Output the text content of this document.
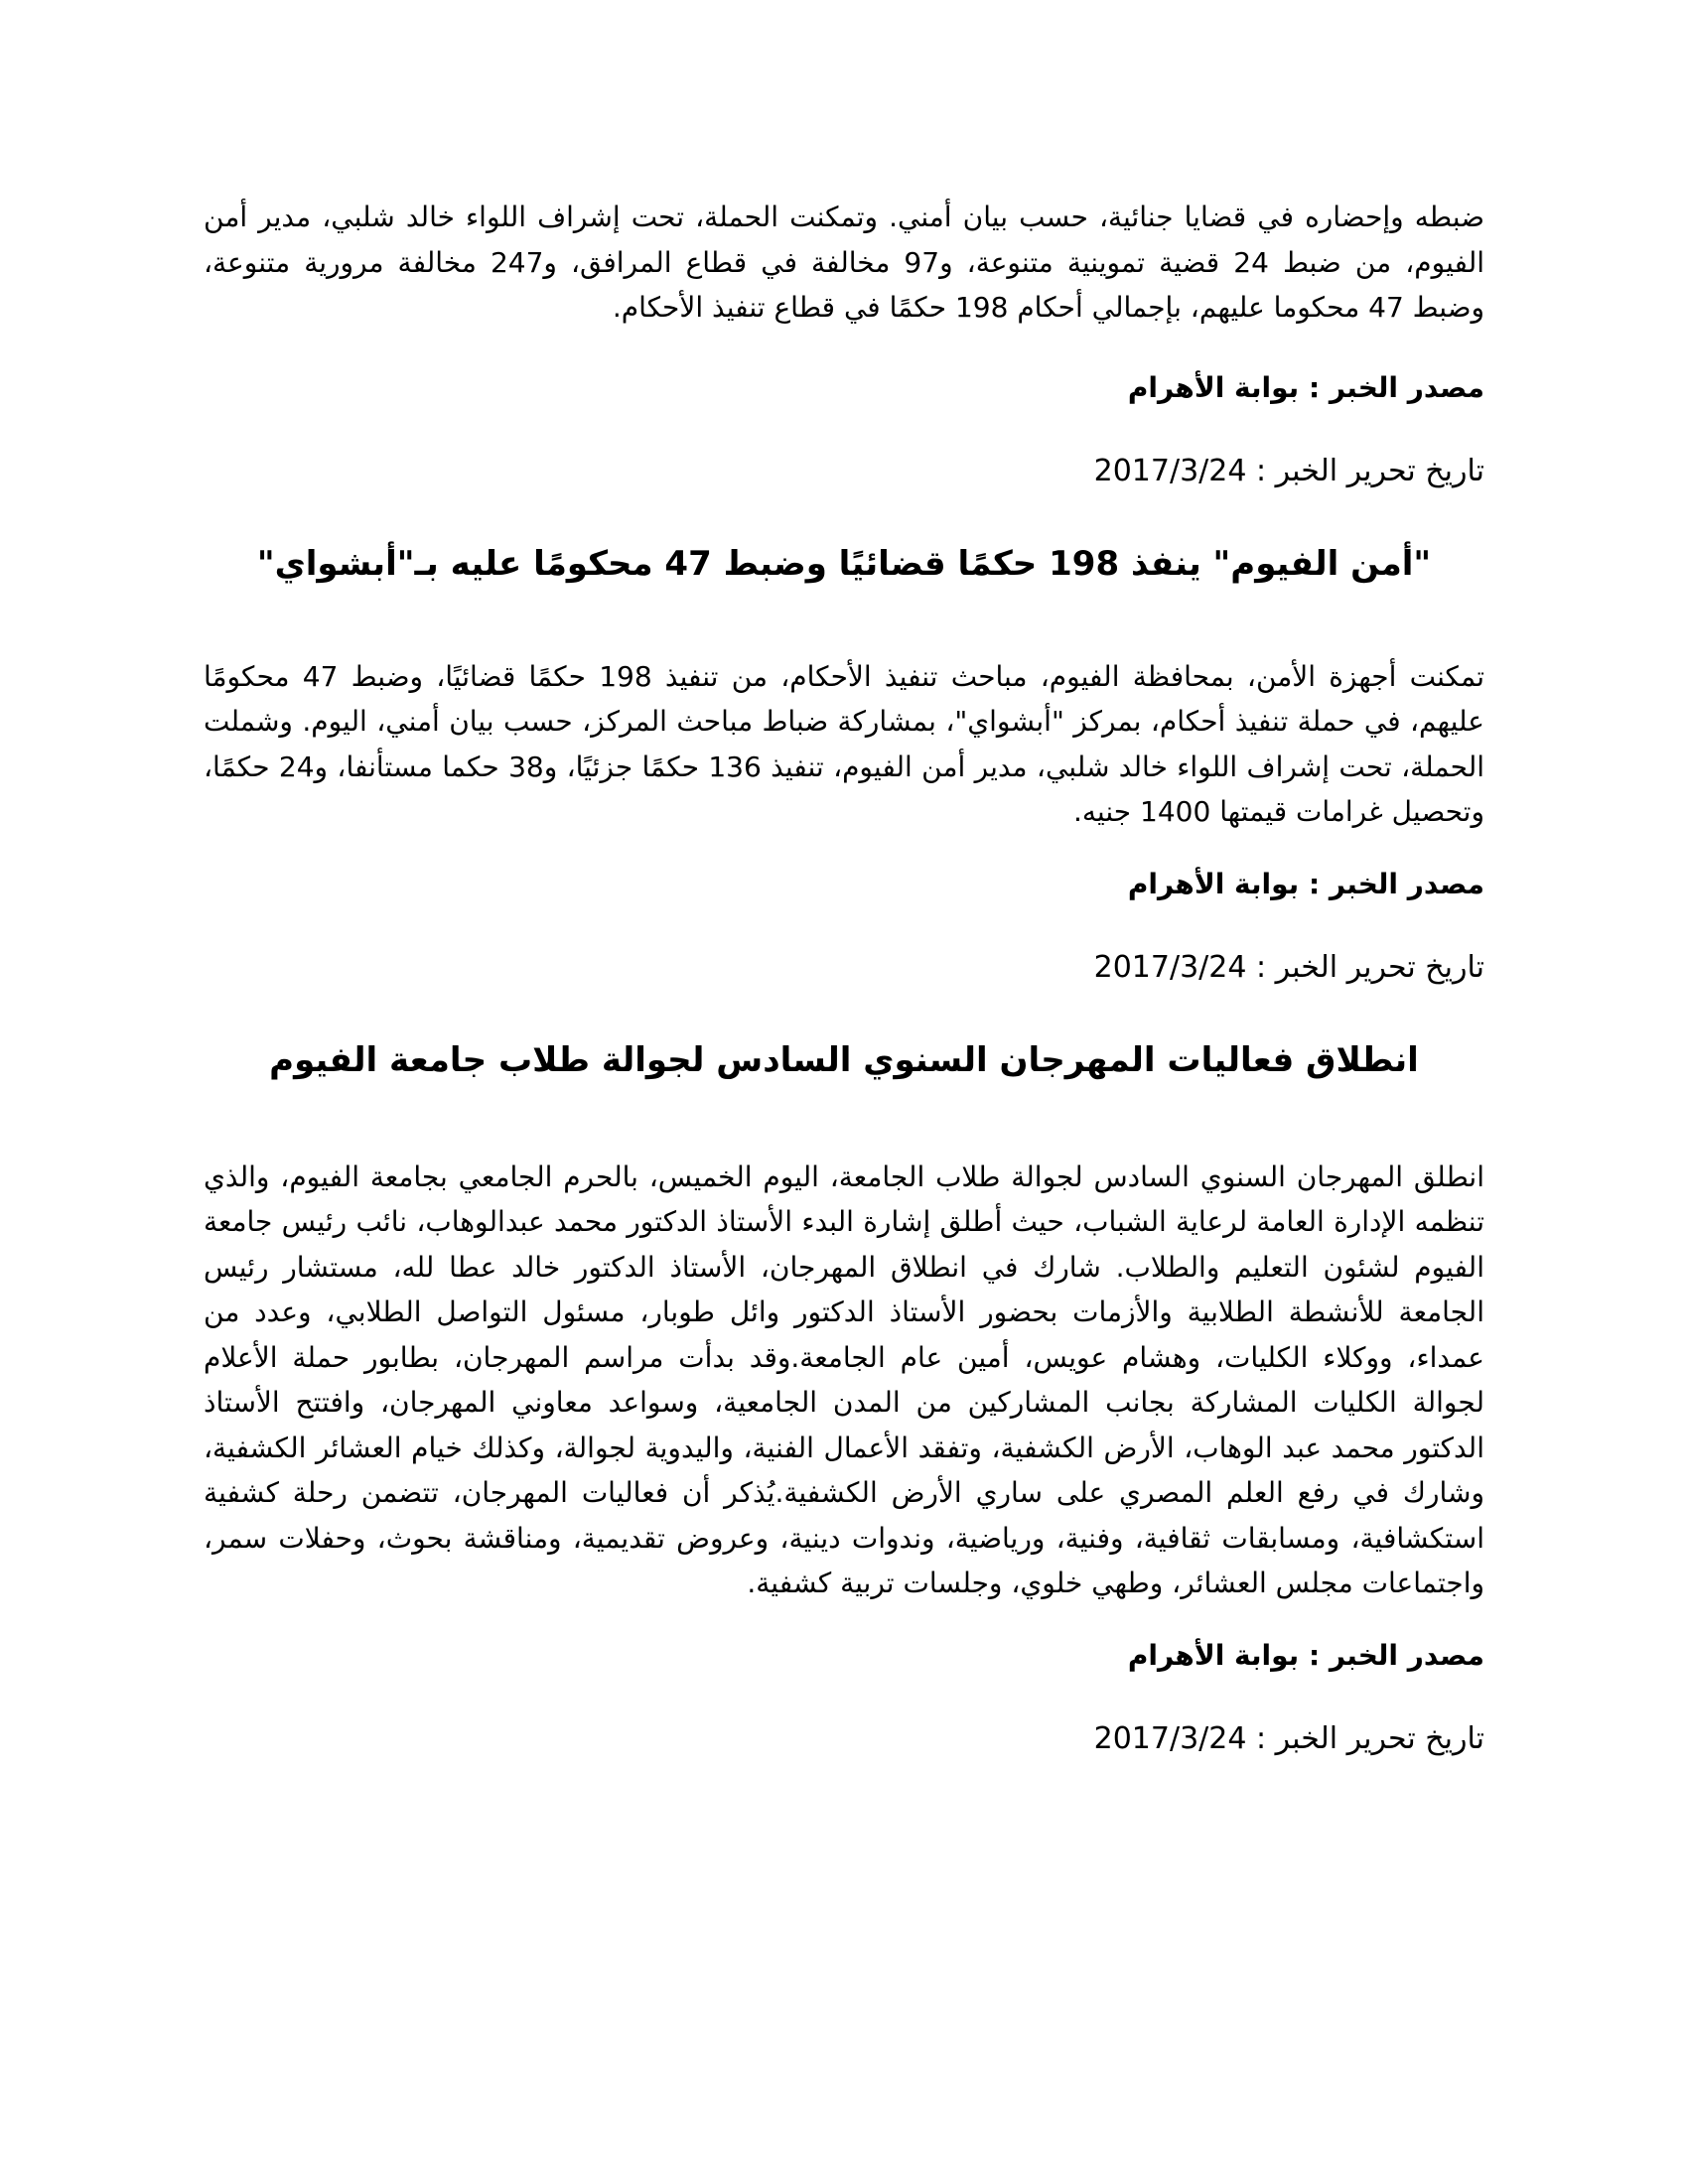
ضبطه وإحضاره في قضايا جنائية، حسب بيان أمني. وتمكنت الحملة، تحت إشراف اللواء خالد شلبي، مدير أمن الفيوم، من ضبط 24 قضية تموينية متنوعة، و97 مخالفة في قطاع المرافق، و247 مخالفة مرورية متنوعة، وضبط 47 محكوما عليهم، بإجمالي أحكام 198 حكمًا في قطاع تنفيذ الأحكام.

مصدر الخبر : بوابة الأهرام

تاريخ تحرير الخبر : 2017/3/24

"أمن الفيوم" ينفذ 198 حكمًا قضائيًا وضبط 47 محكومًا عليه بـ"أبشواي"

تمكنت أجهزة الأمن، بمحافظة الفيوم، مباحث تنفيذ الأحكام، من تنفيذ 198 حكمًا قضائيًا، وضبط 47 محكومًا عليهم، في حملة تنفيذ أحكام، بمركز "أبشواي"، بمشاركة ضباط مباحث المركز، حسب بيان أمني، اليوم. وشملت الحملة، تحت إشراف اللواء خالد شلبي، مدير أمن الفيوم، تنفيذ 136 حكمًا جزئيًا، و38 حكما مستأنفا، و24 حكمًا، وتحصيل غرامات قيمتها 1400 جنيه.

مصدر الخبر : بوابة الأهرام

تاريخ تحرير الخبر : 2017/3/24

انطلاق فعاليات المهرجان السنوي السادس لجوالة طلاب جامعة الفيوم

انطلق المهرجان السنوي السادس لجوالة طلاب الجامعة، اليوم الخميس، بالحرم الجامعي بجامعة الفيوم، والذي تنظمه الإدارة العامة لرعاية الشباب، حيث أطلق إشارة البدء الأستاذ الدكتور محمد عبدالوهاب، نائب رئيس جامعة الفيوم لشئون التعليم والطلاب. شارك في انطلاق المهرجان، الأستاذ الدكتور خالد عطا لله، مستشار رئيس الجامعة للأنشطة الطلابية والأزمات بحضور الأستاذ الدكتور وائل طوبار، مسئول التواصل الطلابي، وعدد من عمداء، ووكلاء الكليات، وهشام عويس، أمين عام الجامعة.وقد بدأت مراسم المهرجان، بطابور حملة الأعلام لجوالة الكليات المشاركة بجانب المشاركين من المدن الجامعية، وسواعد معاوني المهرجان، وافتتح الأستاذ الدكتور محمد عبد الوهاب، الأرض الكشفية، وتفقد الأعمال الفنية، واليدوية لجوالة، وكذلك خيام العشائر الكشفية، وشارك في رفع العلم المصري على ساري الأرض الكشفية.يُذكر أن فعاليات المهرجان، تتضمن رحلة كشفية استكشافية، ومسابقات ثقافية، وفنية، ورياضية، وندوات دينية، وعروض تقديمية، ومناقشة بحوث، وحفلات سمر، واجتماعات مجلس العشائر، وطهي خلوي، وجلسات تربية كشفية.

مصدر الخبر : بوابة الأهرام

تاريخ تحرير الخبر : 2017/3/24
